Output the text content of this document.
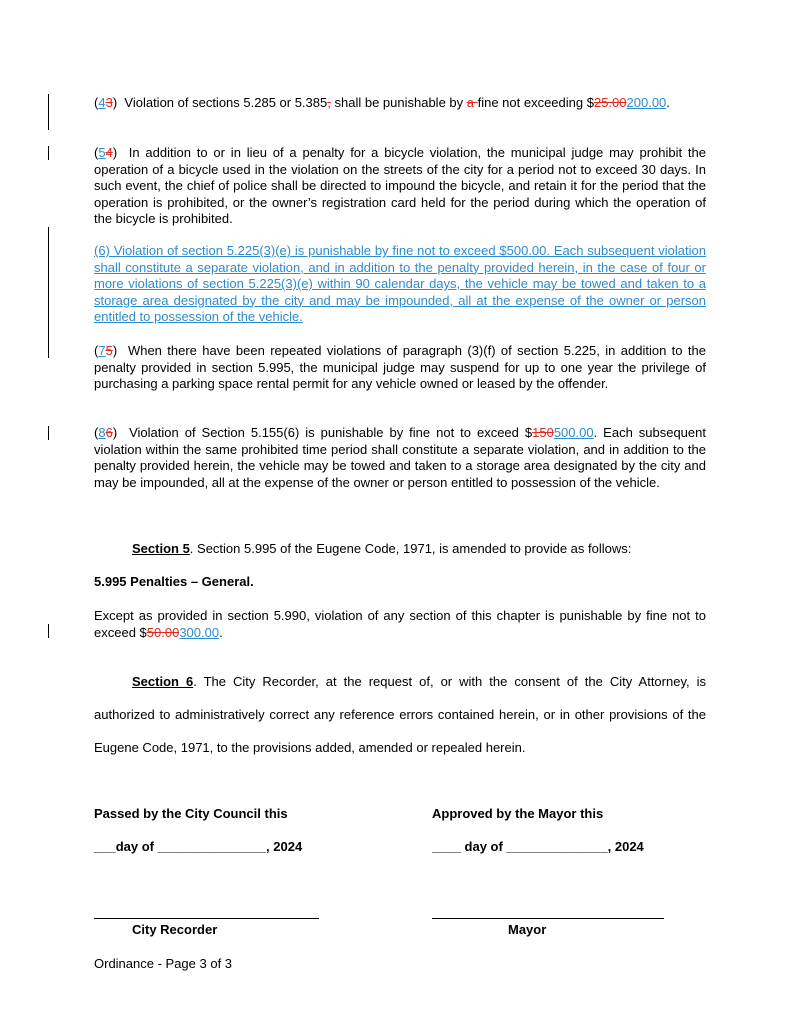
(43) Violation of sections 5.285 or 5.385, shall be punishable by a fine not exceeding $25.00200.00.
(54) In addition to or in lieu of a penalty for a bicycle violation, the municipal judge may prohibit the operation of a bicycle used in the violation on the streets of the city for a period not to exceed 30 days. In such event, the chief of police shall be directed to impound the bicycle, and retain it for the period that the operation is prohibited, or the owner’s registration card held for the period during which the operation of the bicycle is prohibited.
(6) Violation of section 5.225(3)(e) is punishable by fine not to exceed $500.00. Each subsequent violation shall constitute a separate violation, and in addition to the penalty provided herein, in the case of four or more violations of section 5.225(3)(e) within 90 calendar days, the vehicle may be towed and taken to a storage area designated by the city and may be impounded, all at the expense of the owner or person entitled to possession of the vehicle.
(75) When there have been repeated violations of paragraph (3)(f) of section 5.225, in addition to the penalty provided in section 5.995, the municipal judge may suspend for up to one year the privilege of purchasing a parking space rental permit for any vehicle owned or leased by the offender.
(86) Violation of Section 5.155(6) is punishable by fine not to exceed $150500.00. Each subsequent violation within the same prohibited time period shall constitute a separate violation, and in addition to the penalty provided herein, the vehicle may be towed and taken to a storage area designated by the city and may be impounded, all at the expense of the owner or person entitled to possession of the vehicle.
Section 5. Section 5.995 of the Eugene Code, 1971, is amended to provide as follows:
5.995 Penalties – General.
Except as provided in section 5.990, violation of any section of this chapter is punishable by fine not to exceed $50.00300.00.
Section 6. The City Recorder, at the request of, or with the consent of the City Attorney, is authorized to administratively correct any reference errors contained herein, or in other provisions of the Eugene Code, 1971, to the provisions added, amended or repealed herein.
Passed by the City Council this
___day of _______________, 2024
Approved by the Mayor this
____ day of ______________, 2024
City Recorder	Mayor
Ordinance - Page 3 of 3
